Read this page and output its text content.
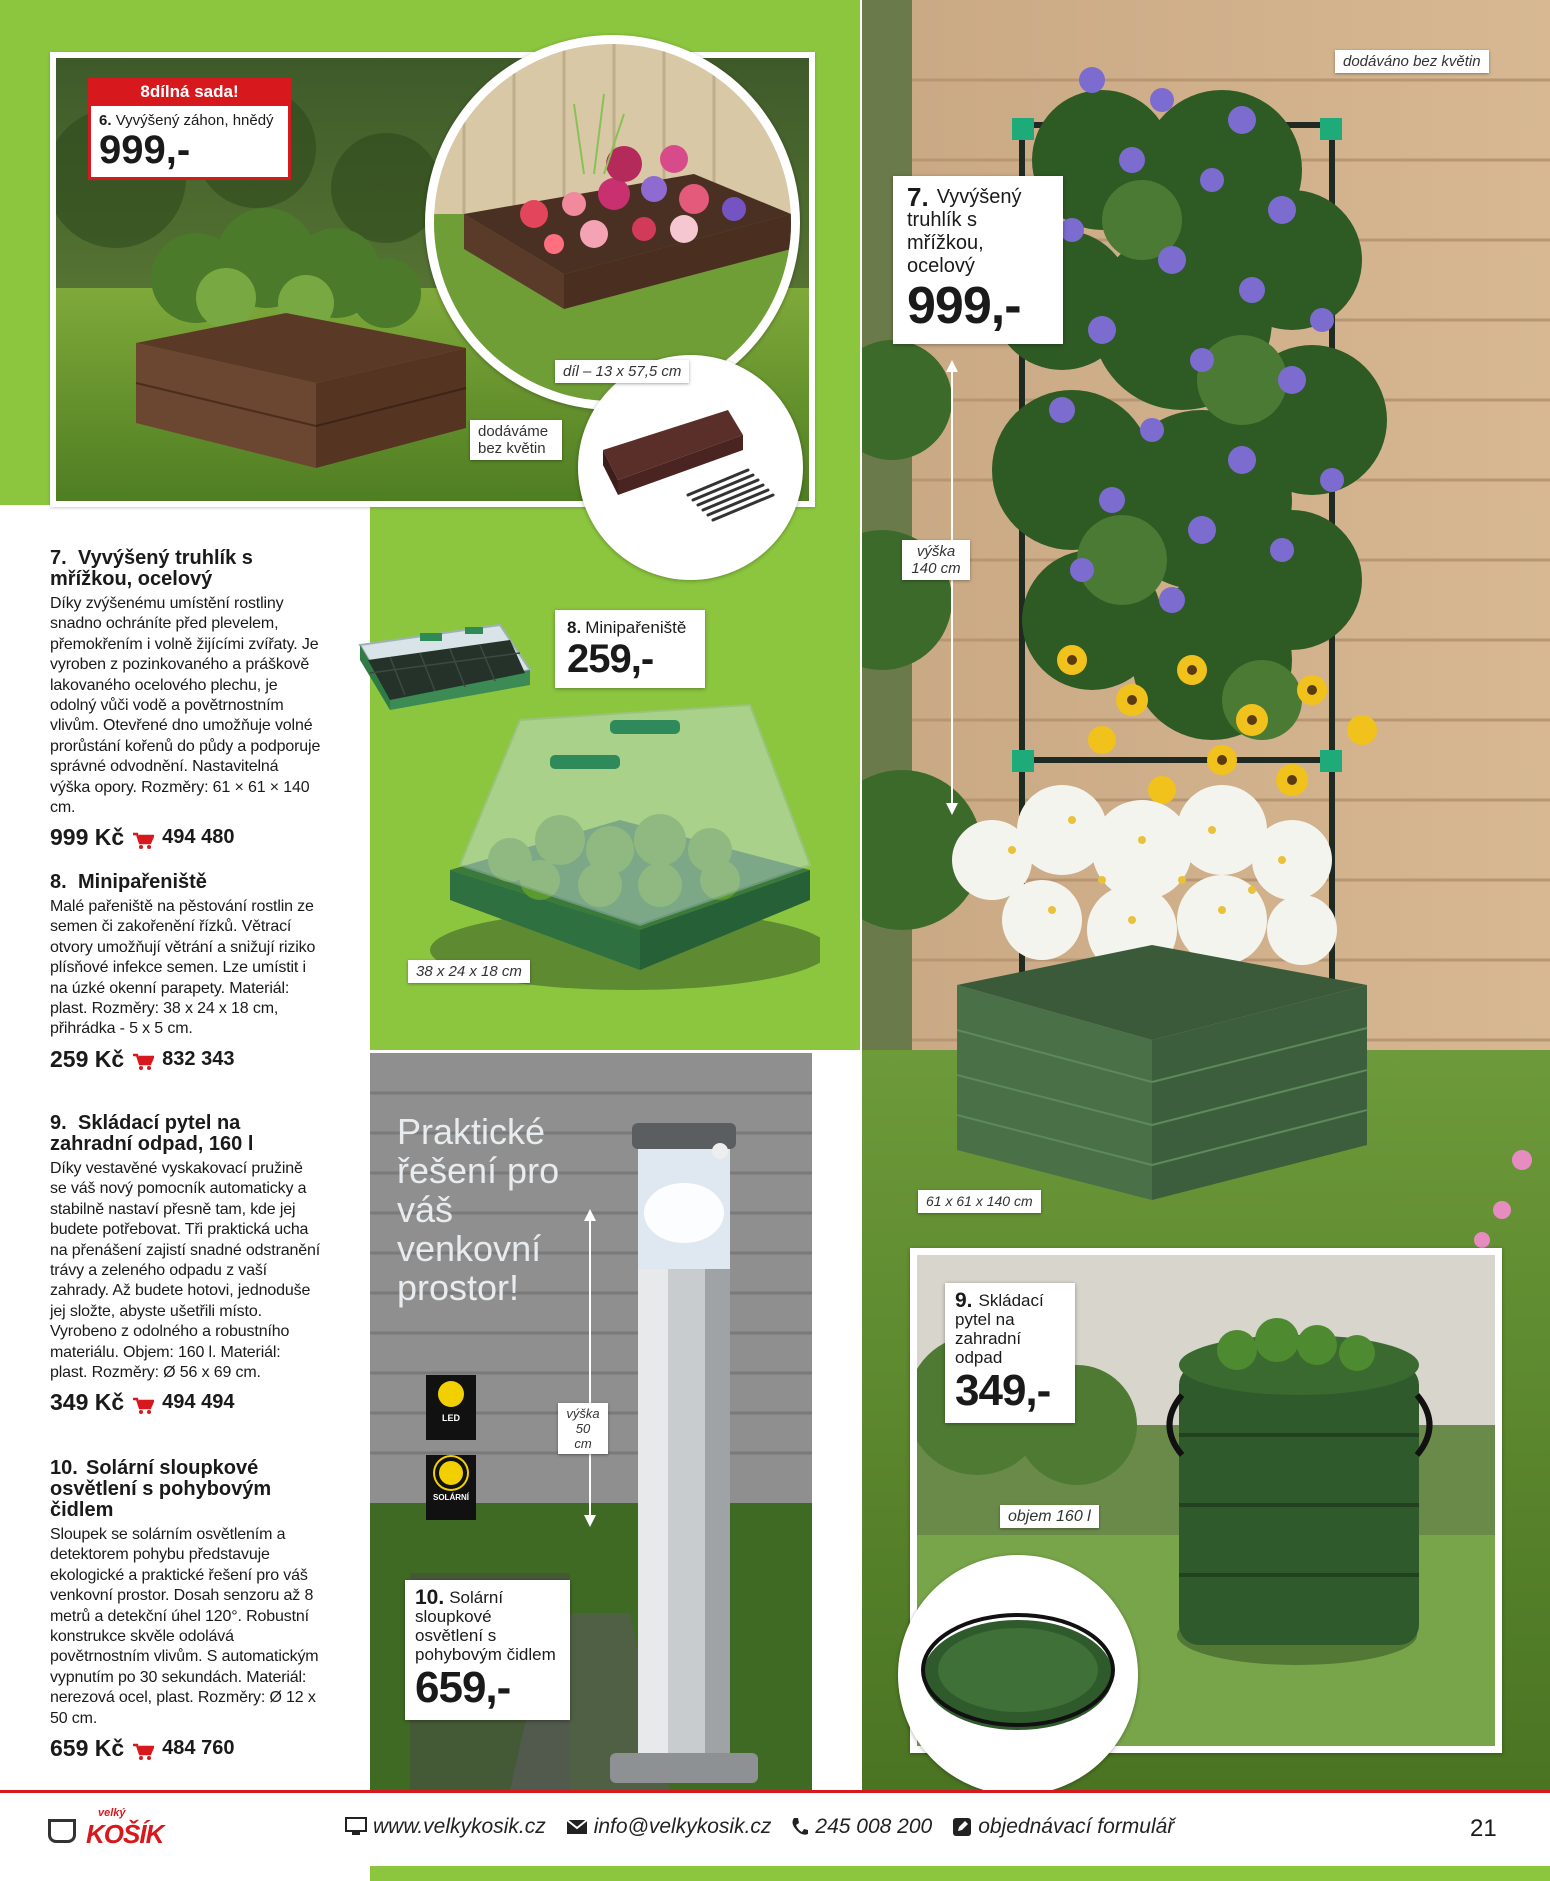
8dílná sada!
6. Vyvýšený záhon, hnědý
999,-
díl – 13 x 57,5 cm
dodáváme bez květin
8. Minipařeniště
259,-
38 x 24 x 18 cm
dodáváno bez květin
výška 140 cm
61 x 61 x 140 cm
7. Vyvýšený truhlík s mřížkou, ocelový
999,-
Praktické řešení pro váš venkovní prostor!
LED
SOLÁRNÍ
výška 50 cm
10. Solární sloupkové osvětlení s pohybovým čidlem
659,-
objem 160 l
9. Skládací pytel na zahradní odpad
349,-
7. Vyvýšený truhlík s mřížkou, ocelový

Díky zvýšenému umístění rostliny snadno ochráníte před plevelem, přemokřením i volně žijícími zvířaty. Je vyroben z pozinkovaného a práškově lakovaného ocelového plechu, je odolný vůči vodě a povětrnostním vlivům. Otevřené dno umožňuje volné prorůstání kořenů do půdy a podporuje správné odvodnění. Nastavitelná výška opory. Rozměry: 61 × 61 × 140 cm.

999 Kč 494 480
8. Minipařeniště

Malé pařeniště na pěstování rostlin ze semen či zakořenění řízků. Větrací otvory umožňují větrání a snižují riziko plísňové infekce semen. Lze umístit i na úzké okenní parapety. Materiál: plast. Rozměry: 38 x 24 x 18 cm, přihrádka - 5 x 5 cm.

259 Kč 832 343
9. Skládací pytel na zahradní odpad, 160 l

Díky vestavěné vyskakovací pružině se váš nový pomocník automaticky a stabilně nastaví přesně tam, kde jej budete potřebovat. Tři praktická ucha na přenášení zajistí snadné odstranění trávy a zeleného odpadu z vaší zahrady. Až budete hotovi, jednoduše jej složte, abyste ušetřili místo. Vyrobeno z odolného a robustního materiálu. Objem: 160 l. Materiál: plast. Rozměry: Ø 56 x 69 cm.

349 Kč 494 494
10. Solární sloupkové osvětlení s pohybovým čidlem

Sloupek se solárním osvětlením a detektorem pohybu představuje ekologické a praktické řešení pro váš venkovní prostor. Dosah senzoru až 8 metrů a detekční úhel 120°. Robustní konstrukce skvěle odolává povětrnostním vlivům. S automatickým vypnutím po 30 sekundách. Materiál: nerezová ocel, plast. Rozměry: Ø 12 x 50 cm.

659 Kč 484 760
velký
KOŠÍK	www.velkykosik.cz info@velkykosik.cz 245 008 200 objednávací formulář	21
